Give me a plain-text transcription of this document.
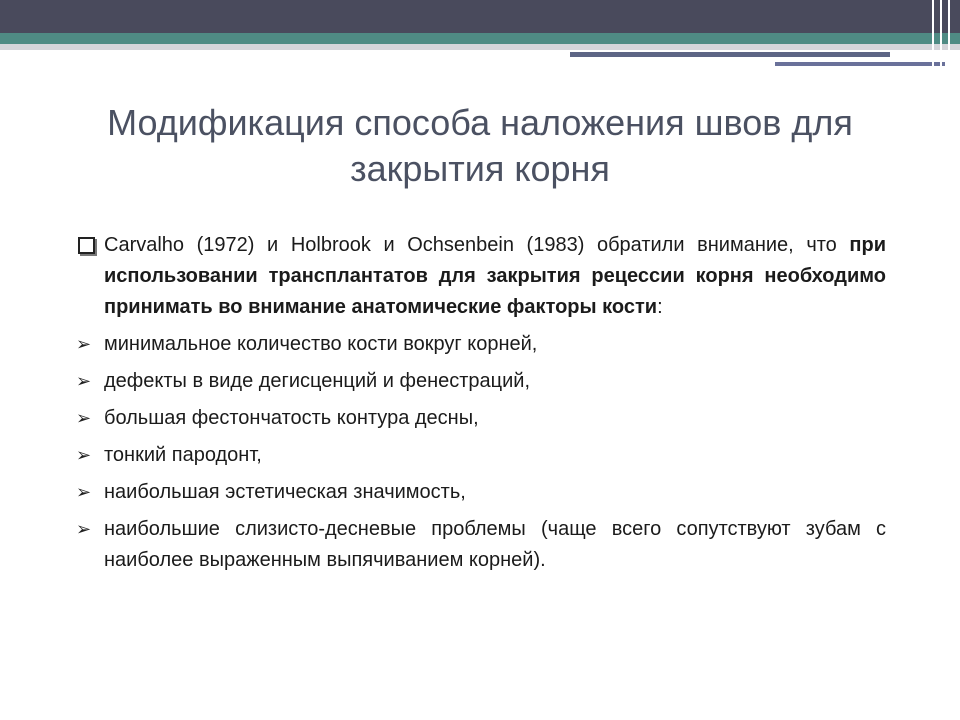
Модификация способа наложения швов для закрытия корня
Carvalho (1972) и Holbrook и Ochsenbein (1983) обратили внимание, что при использовании трансплантатов для закрытия рецессии корня необходимо принимать во внимание анатомические факторы кости:
➢ минимальное количество кости вокруг корней,
➢ дефекты в виде дегисценций и фенестраций,
➢ большая фестончатость контура десны,
➢ тонкий пародонт,
➢ наибольшая эстетическая значимость,
➢ наибольшие слизисто-десневые проблемы (чаще всего сопутствуют зубам с наиболее выраженным выпячиванием корней).
